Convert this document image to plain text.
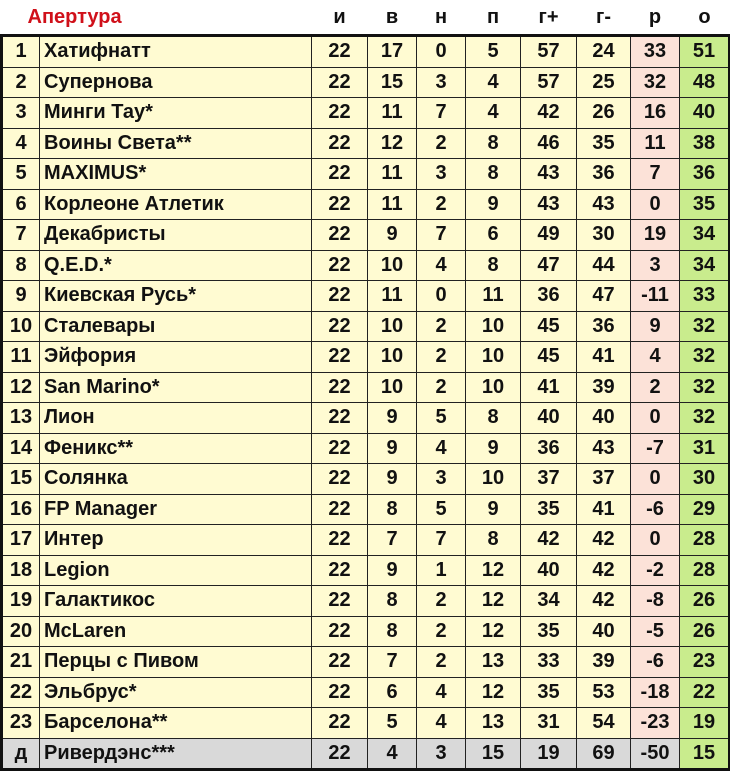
Апертура		и	в	н	п	г+	г-	р	о
1	Хатифнатт	22	17	0	5	57	24	33	51
2	Супернова	22	15	3	4	57	25	32	48
3	Минги Тау*	22	11	7	4	42	26	16	40
4	Воины Света**	22	12	2	8	46	35	11	38
5	MAXIMUS*	22	11	3	8	43	36	7	36
6	Корлеоне Атлетик	22	11	2	9	43	43	0	35
7	Декабристы	22	9	7	6	49	30	19	34
8	Q.E.D.*	22	10	4	8	47	44	3	34
9	Киевская Русь*	22	11	0	11	36	47	-11	33
10	Сталевары	22	10	2	10	45	36	9	32
11	Эйфория	22	10	2	10	45	41	4	32
12	San Marino*	22	10	2	10	41	39	2	32
13	Лион	22	9	5	8	40	40	0	32
14	Феникс**	22	9	4	9	36	43	-7	31
15	Солянка	22	9	3	10	37	37	0	30
16	FP Manager	22	8	5	9	35	41	-6	29
17	Интер	22	7	7	8	42	42	0	28
18	Legion	22	9	1	12	40	42	-2	28
19	Галактикос	22	8	2	12	34	42	-8	26
20	McLaren	22	8	2	12	35	40	-5	26
21	Перцы с Пивом	22	7	2	13	33	39	-6	23
22	Эльбрус*	22	6	4	12	35	53	-18	22
23	Барселона**	22	5	4	13	31	54	-23	19
д	Ривердэнс***	22	4	3	15	19	69	-50	15
